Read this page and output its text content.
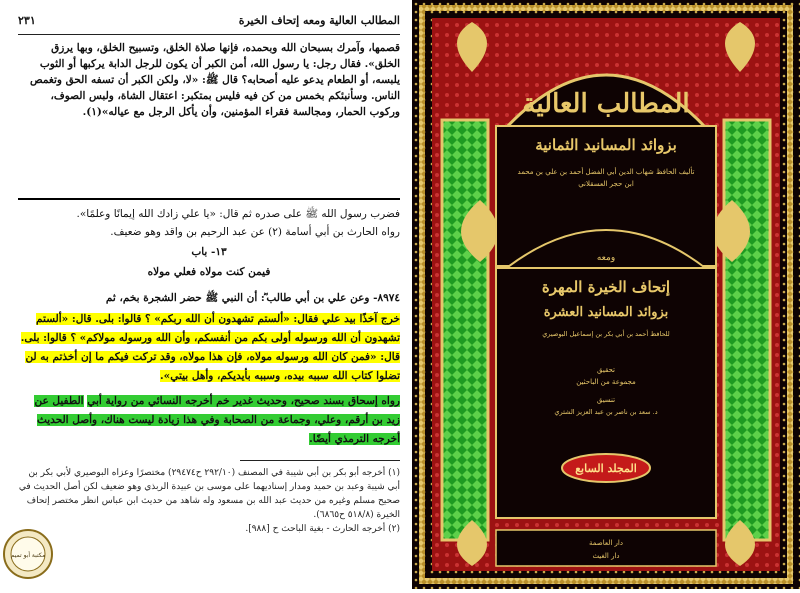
٢٣١	المطالب العالية ومعه إتحاف الخيرة
قصمها، وآمرك بسبحان الله وبحمده، فإنها صلاة الخلق، وتسبيح الخلق، وبها يرزق الخلق». فقال رجل: يا رسول الله، أمن الكبر أن يكون للرجل الدابة يركبها أو الثوب يلبسه، أو الطعام يدعو عليه أصحابه؟ قال ﷺ: «لا، ولكن الكبر أن تسفه الحق وتغمص الناس. وسأنبئكم بخمس من كن فيه فليس بمتكبر: اعتقال الشاة، ولبس الصوف، وركوب الحمار، ومجالسة فقراء المؤمنين، وأن يأكل الرجل مع عياله»(١).
فضرب رسول الله ﷺ على صدره ثم قال: «يا علي زادك الله إيمانًا وعلمًا».
رواه الحارث بن أبي أسامة (٢) عن عبد الرحيم بن واقد وهو ضعيف.
١٣- باب
فيمن كنت مولاه فعلي مولاه
٨٩٧٤- وعن علي بن أبي طالب ؓ: أن النبي ﷺ حضر الشجرة بخم، ثم
خرج آخذًا بيد علي فقال: «ألستم تشهدون أن الله ربكم» ؟ قالوا: بلى. قال: «ألستم تشهدون أن الله ورسوله أولى بكم من أنفسكم، وأن الله ورسوله مولاكم» ؟ قالوا: بلى. قال: «فمن كان الله ورسوله مولاه، فإن هذا مولاه، وقد تركت فيكم ما إن أخذتم به لن تضلوا كتاب الله سببه بيده، وسببه بأيديكم، وأهل بيتي».
رواه إسحاق بسند صحيح، وحديث غدير خم أخرجه النسائي من رواية أبي الطفيل عن زيد بن أرقم، وعلي، وجماعة من الصحابة وفي هذا زيادة ليست هناك، وأصل الحديث أخرجه الترمذي أيضًا.
(١) أخرجه أبو بكر بن أبي شيبة في المصنف (٢٩٢/١٠ ح٢٩٤٧٤) مختصرًا وعزاه البوصيري لأبي بكر بن أبي شيبة وعبد بن حميد ومدار إسناديهما على موسى بن عبيدة الربذي وهو ضعيف لكن أصل الحديث في صحيح مسلم وغيره من حديث عبد الله بن مسعود وله شاهد من حديث ابن عباس انظر مختصر إتحاف الخيرة (٥١٨/٨ ح٦٨٦٥).
(٢) أخرجه الحارث - بغية الباحث ح [٩٨٨].
مكتبة أبو تميم
المطالب العالية
بزوائد المسانيد الثمانية
تأليف الحافظ شهاب الدين أبي الفضل أحمد بن علي بن محمد
ابن حجر العسقلاني
ومعه
إتحاف الخيرة المهرة
بزوائد المسانيد العشرة
للحافظ أحمد بن أبي بكر بن إسماعيل البوصيري
تحقيق
مجموعة من الباحثين
تنسيق
د. سعد بن ناصر بن عبد العزيز الشثري
المجلد السابع
دار العاصمة
دار الغيث
